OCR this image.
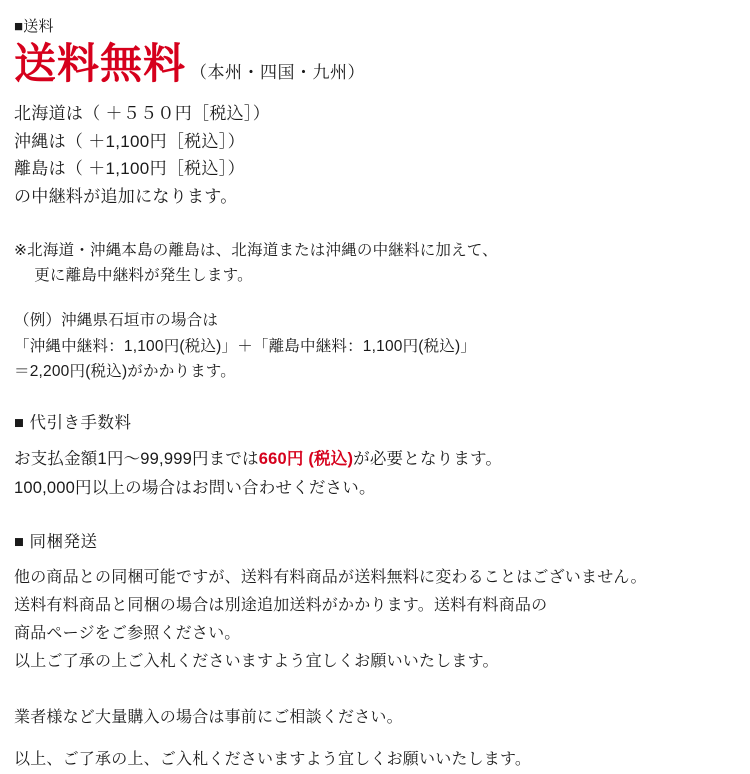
■送料
送料無料 （本州・四国・九州）
北海道は（ ＋５５０円［税込］）
沖縄は（ ＋1,100円［税込］）
離島は（ ＋1,100円［税込］）
の中継料が追加になります。
※北海道・沖縄本島の離島は、北海道または沖縄の中継料に加えて、
　 更に離島中継料が発生します。
（例）沖縄県石垣市の場合は
「沖縄中継料：1,100円(税込)」＋「離島中継料：1,100円(税込)」
＝2,200円(税込)がかかります。
■ 代引き手数料
お支払金額1円〜99,999円までは660円 (税込)が必要となります。
100,000円以上の場合はお問い合わせください。
■ 同梱発送
他の商品との同梱可能ですが、送料有料商品が送料無料に変わることはございません。
送料有料商品と同梱の場合は別途追加送料がかかります。送料有料商品の
商品ページをご参照ください。
以上ご了承の上ご入札くださいますよう宜しくお願いいたします。
業者様など大量購入の場合は事前にご相談ください。
以上、ご了承の上、ご入札くださいますよう宜しくお願いいたします。
